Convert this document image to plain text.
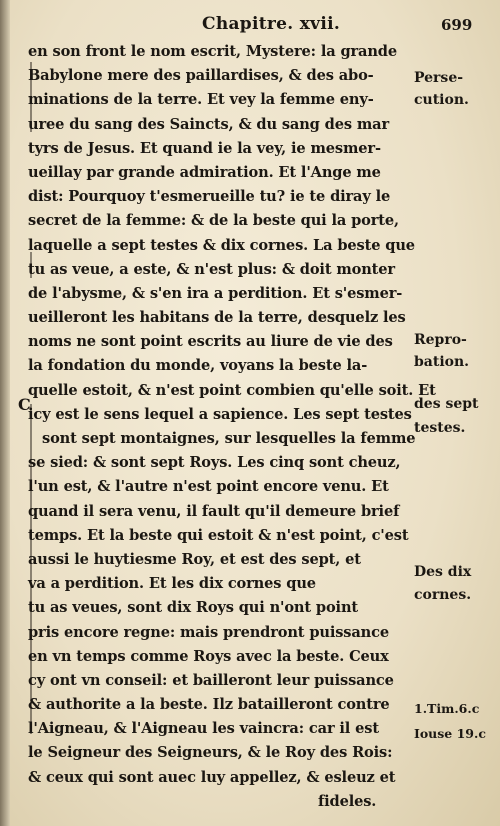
Chapitre. xvii.	699
C
en son front le nom escrit, Mystere: la grande
Babylone mere des paillardises, & des abo-
minations de la terre. Et vey la femme eny-
uree du sang des Saincts, & du sang des mar
tyrs de Jesus. Et quand ie la vey, ie mesmer-
ueillay par grande admiration. Et l'Ange me
dist: Pourquoy t'esmerueille tu? ie te diray le
secret de la femme: & de la beste qui la porte,
laquelle a sept testes & dix cornes. La beste que
tu as veue, a este, & n'est plus: & doit monter
de l'abysme, & s'en ira a perdition. Et s'esmer-
ueilleront les habitans de la terre, desquelz les
noms ne sont point escrits au liure de vie des
la fondation du monde, voyans la beste la-
quelle estoit, & n'est point combien qu'elle soit. Et
icy est le sens lequel a sapience. Les sept testes
sont sept montaignes, sur lesquelles la femme
se sied: & sont sept Roys. Les cinq sont cheuz,
l'un est, & l'autre n'est point encore venu. Et
quand il sera venu, il fault qu'il demeure brief
temps. Et la beste qui estoit & n'est point, c'est
aussi le huytiesme Roy, et est des sept, et
va a perdition. Et les dix cornes que
tu as veues, sont dix Roys qui n'ont point
pris encore regne: mais prendront puissance
en vn temps comme Roys avec la beste. Ceux
cy ont vn conseil: et bailleront leur puissance
& authorite a la beste. Ilz batailleront contre
l'Aigneau, & l'Aigneau les vaincra: car il est
le Seigneur des Seigneurs, & le Roy des Rois:
& ceux qui sont auec luy appellez, & esleuz et
fideles.
Perse-
cution.
Repro-
bation.
des sept
testes.
Des dix
cornes.
1.Tim.6.c
Iouse 19.c
